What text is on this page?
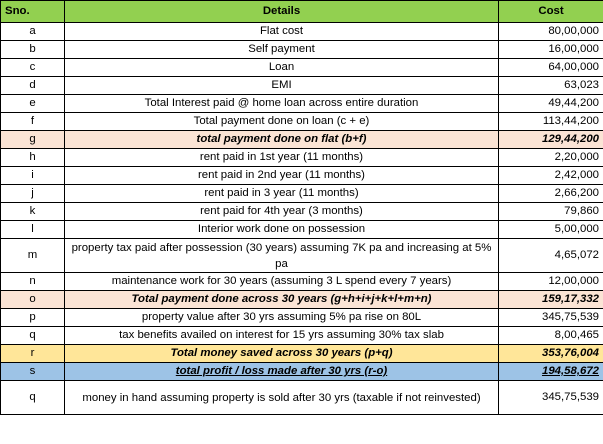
Sno.	Details	Cost
a	Flat cost	80,00,000
b	Self payment	16,00,000
c	Loan	64,00,000
d	EMI	63,023
e	Total Interest paid @ home loan across entire duration	49,44,200
f	Total payment done on loan (c + e)	113,44,200
g	total payment done on flat (b+f)	129,44,200
h	rent paid in 1st year (11 months)	2,20,000
i	rent paid in 2nd year (11 months)	2,42,000
j	rent paid in 3 year (11 months)	2,66,200
k	rent paid for 4th year (3 months)	79,860
l	Interior work done on possession	5,00,000
m	property tax paid after possession (30 years) assuming 7K pa and increasing at 5% pa	4,65,072
n	maintenance work for 30 years (assuming 3 L spend every 7 years)	12,00,000
o	Total payment done across 30 years (g+h+i+j+k+l+m+n)	159,17,332
p	property value after 30 yrs assuming 5% pa rise on 80L	345,75,539
q	tax benefits availed on interest for 15 yrs assuming 30% tax slab	8,00,465
r	Total money saved across 30 years (p+q)	353,76,004
s	total profit / loss made after 30 yrs (r-o)	194,58,672
q	money in hand assuming property is sold after 30 yrs (taxable if not reinvested)	345,75,539
